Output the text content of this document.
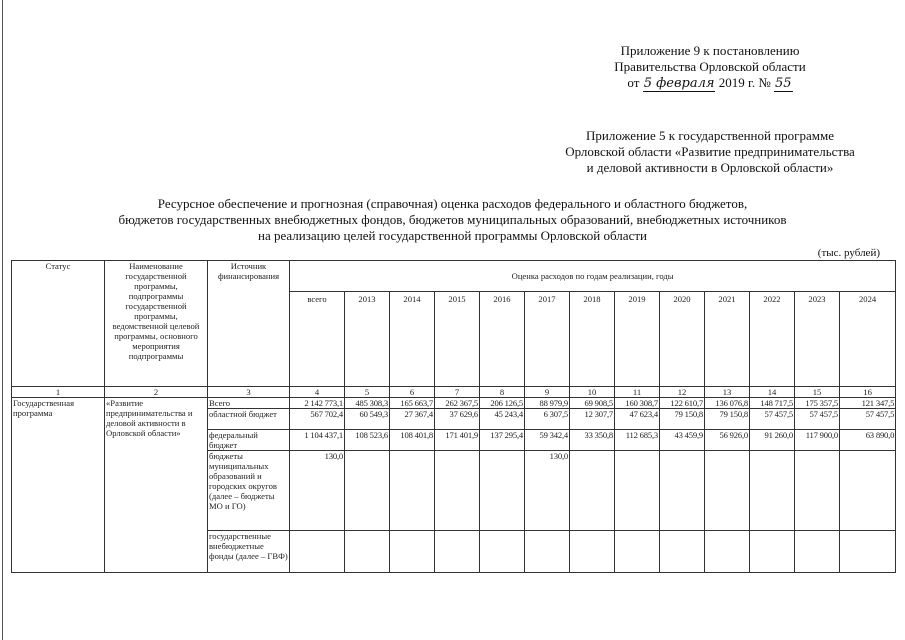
Приложение 9 к постановлению
Правительства Орловской области
от 5 февраля 2019 г. № 55
Приложение 5 к государственной программе
Орловской области «Развитие предпринимательства
и деловой активности в Орловской области»
Ресурсное обеспечение и прогнозная (справочная) оценка расходов федерального и областного бюджетов,
бюджетов государственных внебюджетных фондов, бюджетов муниципальных образований, внебюджетных источников
на реализацию целей государственной программы Орловской области
(тыс. рублей)
Статус	Наименование государственной программы, подпрограммы государственной программы, ведомственной целевой программы, основного мероприятия подпрограммы	Источник финансирования	Оценка расходов по годам реализации, годы												
			всего	2013	2014	2015	2016	2017	2018	2019	2020	2021	2022	2023	2024
1	2	3	4	5	6	7	8	9	10	11	12	13	14	15	16
Государственная программа	«Развитие предпринимательства и деловой активности в Орловской области»	Всего	2 142 773,1	485 308,3	165 663,7	262 367,5	206 126,5	88 979,9	69 908,5	160 308,7	122 610,7	136 076,8	148 717,5	175 357,5	121 347,5
		областной бюджет	567 702,4	60 549,3	27 367,4	37 629,6	45 243,4	6 307,5	12 307,7	47 623,4	79 150,8	79 150,8	57 457,5	57 457,5	57 457,5
		федеральный бюджет	1 104 437,1	108 523,6	108 401,8	171 401,9	137 295,4	59 342,4	33 350,8	112 685,3	43 459,9	56 926,0	91 260,0	117 900,0	63 890,0
		бюджеты муниципальных образований и городских округов (далее – бюджеты МО и ГО)	130,0					130,0							
		государственные внебюджетные фонды (далее – ГВФ)													
